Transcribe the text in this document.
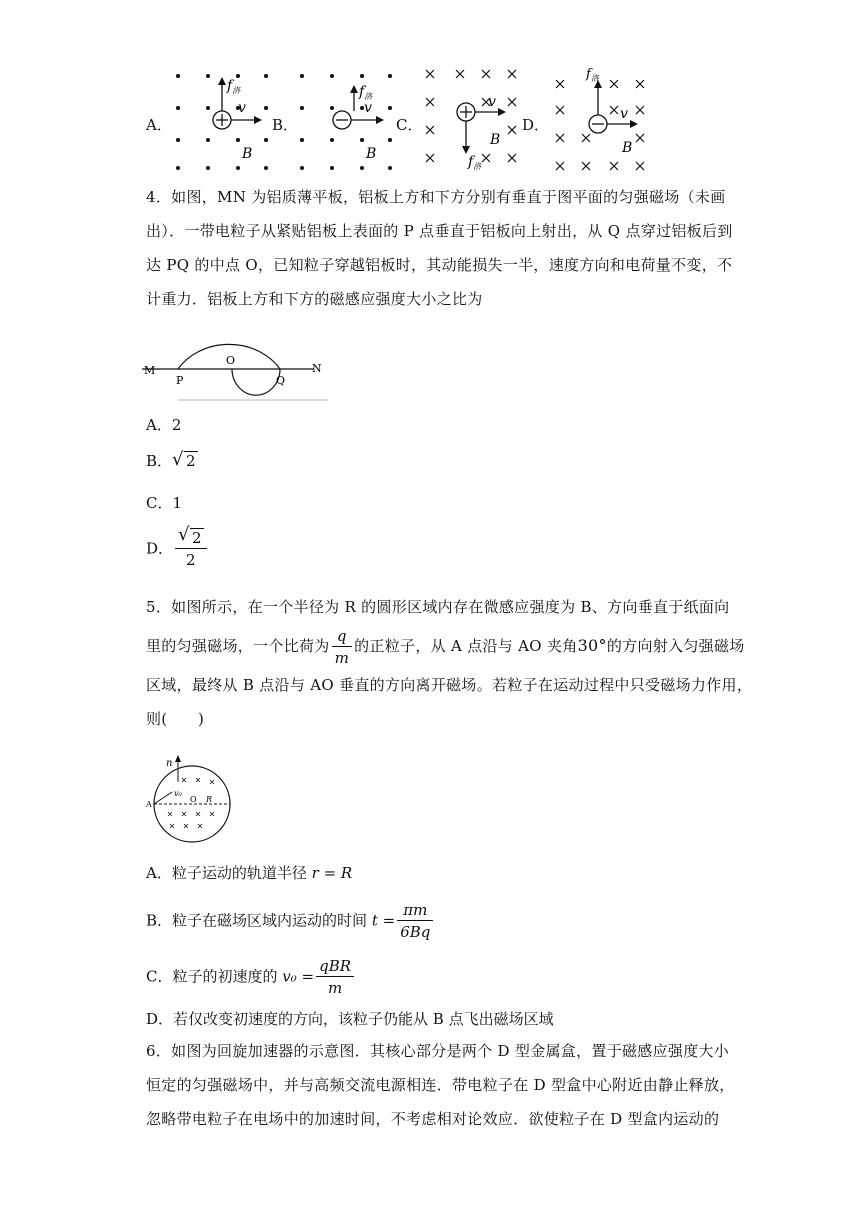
A．	B．	C．	D．
$f_洛$
v
B
$f_洛$
v
B
v
B
$f_洛$
$f_洛$
v
B
4．如图，MN 为铝质薄平板，铝板上方和下方分别有垂直于图平面的匀强磁场（未画
出）．一带电粒子从紧贴铝板上表面的 P 点垂直于铝板向上射出，从 Q 点穿过铝板后到
达 PQ 的中点 O，已知粒子穿越铝板时，其动能损失一半，速度方向和电荷量不变，不
计重力．铝板上方和下方的磁感应强度大小之比为
M
P
O
Q
N
A．2
B． √ 2
C．1
D． $\frac{√ 2}{2}$
5．如图所示，在一个半径为 R 的圆形区域内存在微感应强度为 B、方向垂直于纸面向
里的匀强磁场，一个比荷为 $\frac{q}{m}$ 的正粒子，从 A 点沿与 AO 夹角30°的方向射入匀强磁场
区域，最终从 B 点沿与 AO 垂直的方向离开磁场。若粒子在运动过程中只受磁场力作用，
则(　　)
n
v₀
O R
A
A．粒子运动的轨道半径 r = R
B．粒子在磁场区域内运动的时间 $t = \frac{\pi m}{6Bq}$
C．粒子的初速度的 $v_0 = \frac{\text{qBR}}{m}$
D．若仅改变初速度的方向，该粒子仍能从 B 点飞出磁场区域
6．如图为回旋加速器的示意图．其核心部分是两个 D 型金属盒，置于磁感应强度大小
恒定的匀强磁场中，并与高频交流电源相连．带电粒子在 D 型盒中心附近由静止释放，
忽略带电粒子在电场中的加速时间，不考虑相对论效应．欲使粒子在 D 型盒内运动的
